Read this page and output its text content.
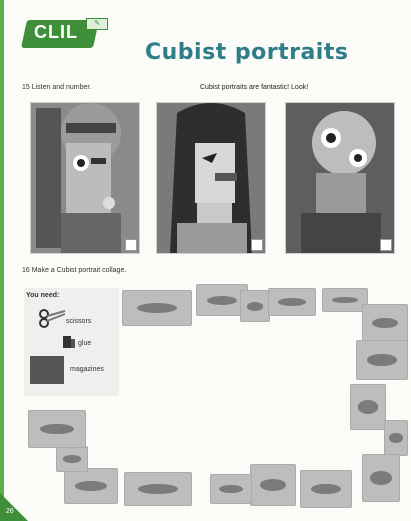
CLIL	✎
Cubist portraits
15 Listen and number.	Cubist portraits are fantastic! Look!
16 Make a Cubist portrait collage.
You need:
scissors
glue
magazines
26
